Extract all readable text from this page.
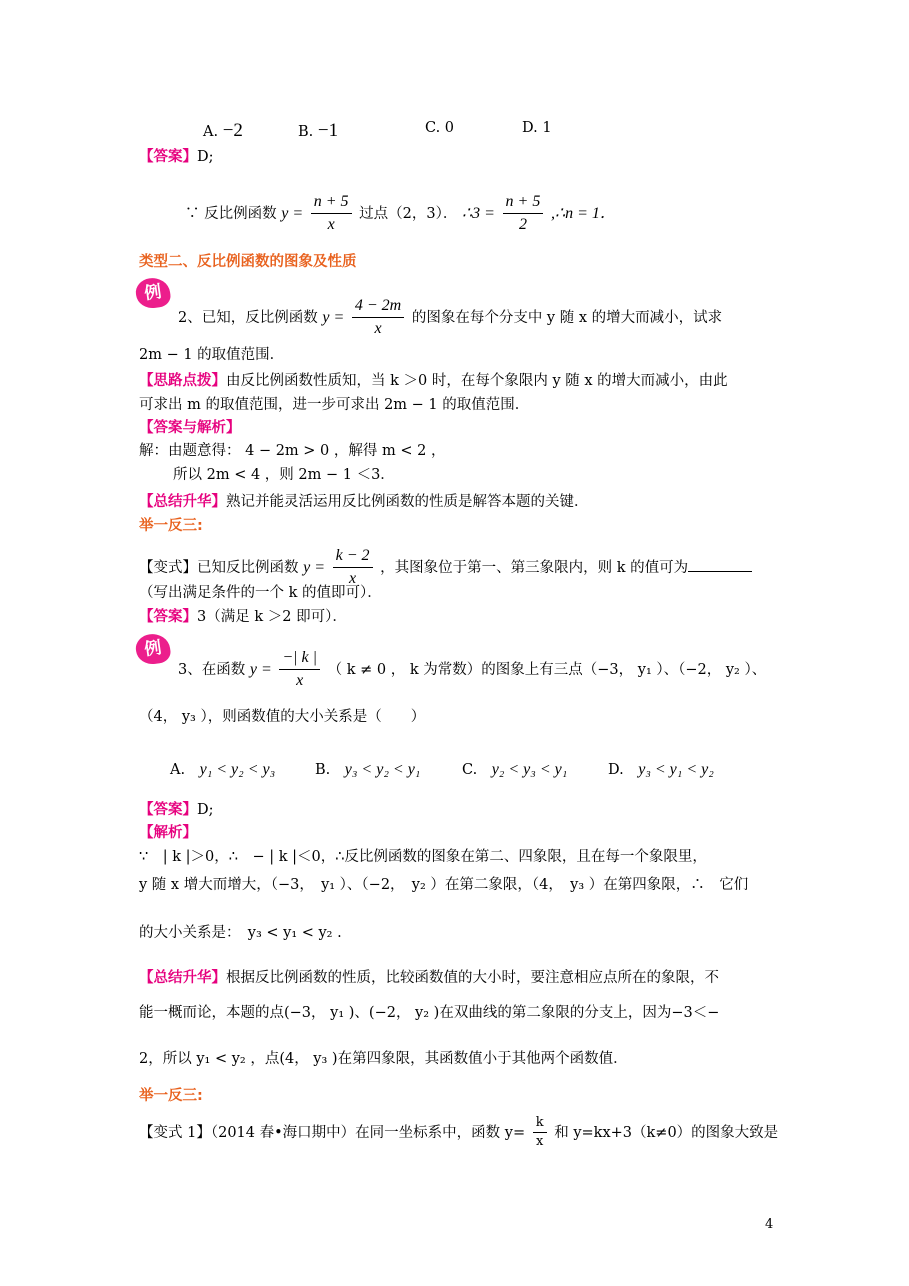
A. −2	B. −1	C. 0	D. 1
【答案】D;
∵ 反比例函数 $y = \frac{n + 5}{x}$ 过点（2，3）． ∴3 = $\frac{n + 5}{2}$ ,∴n = 1．
类型二、反比例函数的图象及性质
例
2、已知，反比例函数 $y = \frac{4 - 2m}{x}$ 的图象在每个分支中 y 随 x 的增大而减小，试求
2m − 1 的取值范围．
【思路点拨】由反比例函数性质知，当 k ＞0 时，在每个象限内 y 随 x 的增大而减小，由此
可求出 m 的取值范围，进一步可求出 2m − 1 的取值范围．
【答案与解析】
解：由题意得： 4 − 2m > 0 ，解得 m < 2 ，
所以 2m < 4 ，则 2m − 1 ＜3．
【总结升华】熟记并能灵活运用反比例函数的性质是解答本题的关键．
举一反三:
【变式】已知反比例函数 $y = \frac{k - 2}{x}$ ，其图象位于第一、第三象限内，则 k 的值可为
（写出满足条件的一个 k 的值即可）．
【答案】3（满足 k ＞2 即可）．
例
3、在函数 $y = \frac{-| k |}{x}$ （ k ≠ 0 ， k 为常数）的图象上有三点（−3， y₁ ）、（−2， y₂ ）、
（4， y₃ ），则函数值的大小关系是（　　）
A.　 y₁ < y₂ < y₃	B.　 y₃ < y₂ < y₁	C.　 y₂ < y₃ < y₁	D.　 y₃ < y₁ < y₂
【答案】D;
【解析】
∵　| k |＞0，∴　− | k |＜0，∴反比例函数的图象在第二、四象限，且在每一个象限里，
y 随 x 增大而增大，（−3，　y₁ ）、（−2，　y₂ ）在第二象限，（4，　y₃ ）在第四象限，∴　它们
的大小关系是：　y₃ < y₁ < y₂ .
【总结升华】根据反比例函数的性质，比较函数值的大小时，要注意相应点所在的象限，不
能一概而论，本题的点(−3， y₁ )、(−2， y₂ )在双曲线的第二象限的分支上，因为−3＜−
2，所以 y₁ < y₂ ，点(4， y₃ )在第四象限，其函数值小于其他两个函数值．
举一反三:
【变式 1】（2014 春•海口期中）在同一坐标系中，函数 $y= \frac{k}{x}$ 和 y=kx+3（k≠0）的图象大致是
4
